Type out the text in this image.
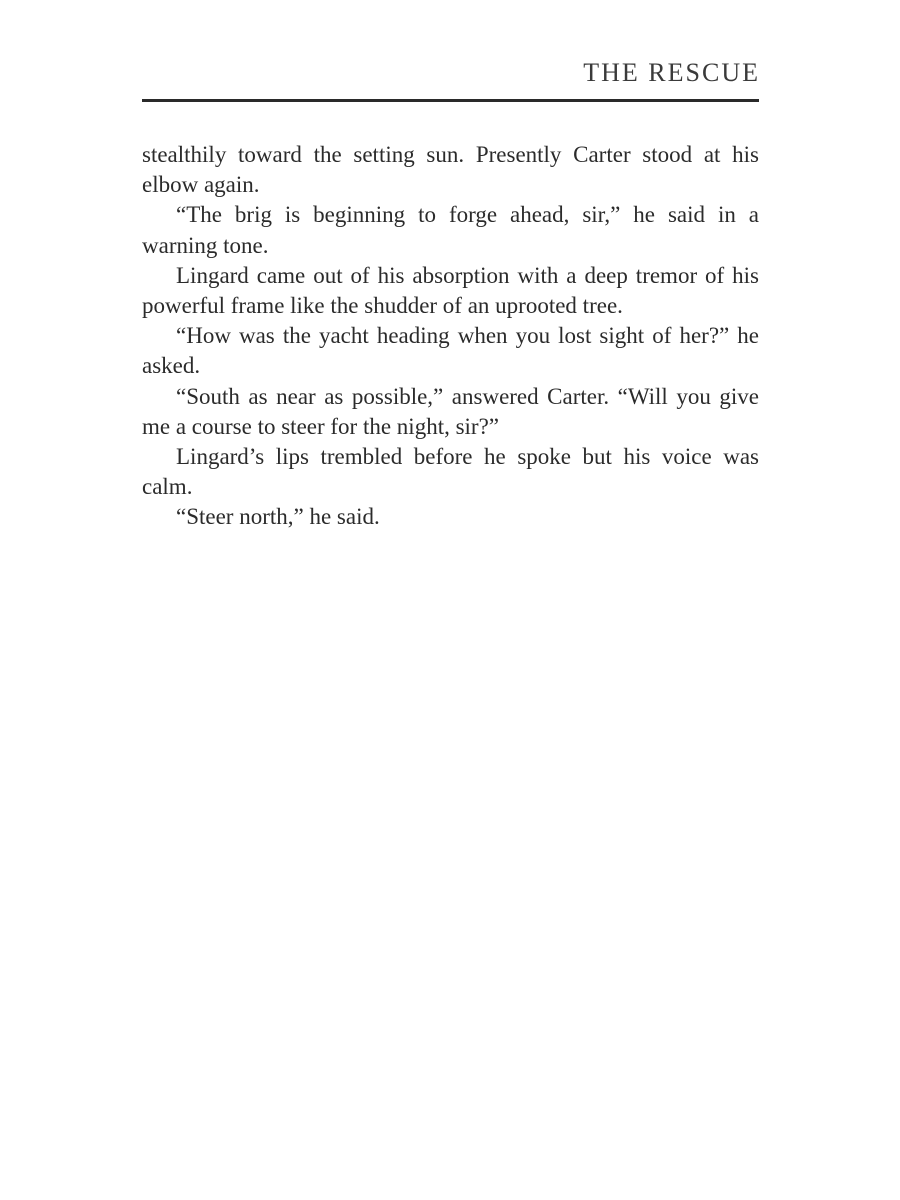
THE RESCUE

stealthily toward the setting sun. Presently Carter stood at his elbow again.

“The brig is beginning to forge ahead, sir,” he said in a warning tone.

Lingard came out of his absorption with a deep tremor of his powerful frame like the shudder of an uprooted tree.

“How was the yacht heading when you lost sight of her?” he asked.

“South as near as possible,” answered Carter. “Will you give me a course to steer for the night, sir?”

Lingard’s lips trembled before he spoke but his voice was calm.

“Steer north,” he said.
